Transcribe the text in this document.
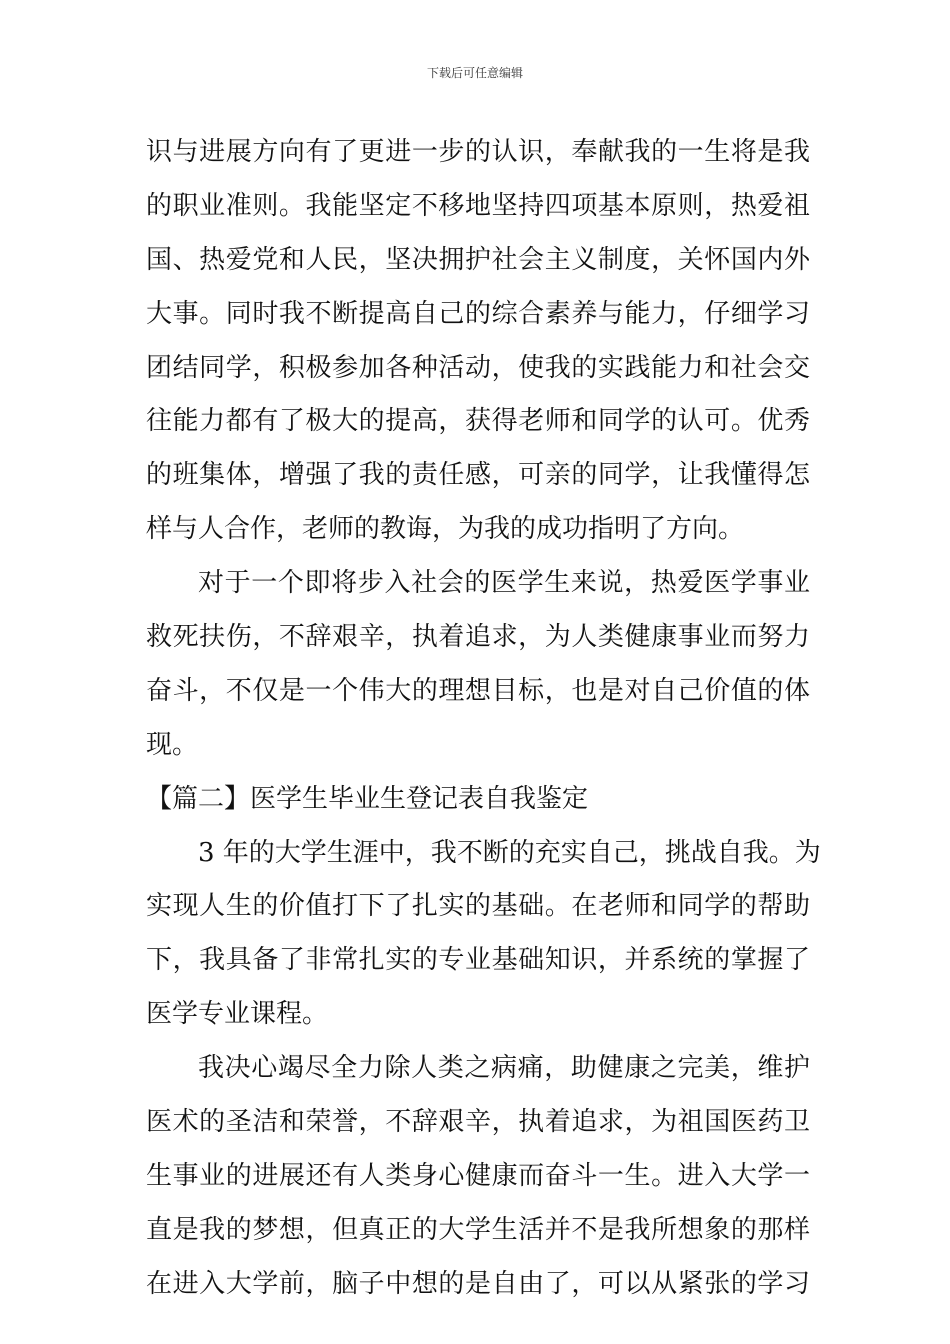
下载后可任意编辑
识与进展方向有了更进一步的认识，奉献我的一生将是我
的职业准则。我能坚定不移地坚持四项基本原则，热爱祖
国、热爱党和人民，坚决拥护社会主义制度，关怀国内外
大事。同时我不断提高自己的综合素养与能力，仔细学习
团结同学，积极参加各种活动，使我的实践能力和社会交
往能力都有了极大的提高，获得老师和同学的认可。优秀
的班集体，增强了我的责任感，可亲的同学，让我懂得怎
样与人合作，老师的教诲，为我的成功指明了方向。
对于一个即将步入社会的医学生来说，热爱医学事业
救死扶伤，不辞艰辛，执着追求，为人类健康事业而努力
奋斗，不仅是一个伟大的理想目标，也是对自己价值的体
现。
【篇二】医学生毕业生登记表自我鉴定
3 年的大学生涯中，我不断的充实自己，挑战自我。为
实现人生的价值打下了扎实的基础。在老师和同学的帮助
下，我具备了非常扎实的专业基础知识，并系统的掌握了
医学专业课程。
我决心竭尽全力除人类之病痛，助健康之完美，维护
医术的圣洁和荣誉，不辞艰辛，执着追求，为祖国医药卫
生事业的进展还有人类身心健康而奋斗一生。进入大学一
直是我的梦想，但真正的大学生活并不是我所想象的那样
在进入大学前，脑子中想的是自由了，可以从紧张的学习
